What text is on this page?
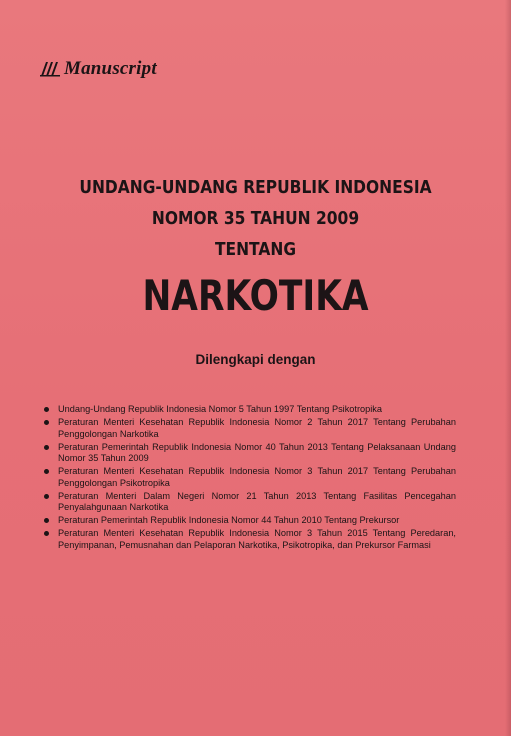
Manuscript
UNDANG-UNDANG REPUBLIK INDONESIA
NOMOR 35 TAHUN 2009
TENTANG
NARKOTIKA
Dilengkapi dengan
Undang-Undang Republik Indonesia Nomor 5 Tahun 1997 Tentang Psikotropika
Peraturan Menteri Kesehatan Republik Indonesia Nomor 2 Tahun 2017 Tentang Perubahan Penggolongan Narkotika
Peraturan Pemerintah Republik Indonesia Nomor 40 Tahun 2013 Tentang Pelaksanaan Undang Nomor 35 Tahun 2009
Peraturan Menteri Kesehatan Republik Indonesia Nomor 3 Tahun 2017 Tentang Perubahan Penggolongan Psikotropika
Peraturan Menteri Dalam Negeri Nomor 21 Tahun 2013 Tentang Fasilitas Pencegahan Penyalahgunaan Narkotika
Peraturan Pemerintah Republik Indonesia Nomor 44 Tahun 2010 Tentang Prekursor
Peraturan Menteri Kesehatan Republik Indonesia Nomor 3 Tahun 2015 Tentang Peredaran, Penyimpanan, Pemusnahan dan Pelaporan Narkotika, Psikotropika, dan Prekursor Farmasi
